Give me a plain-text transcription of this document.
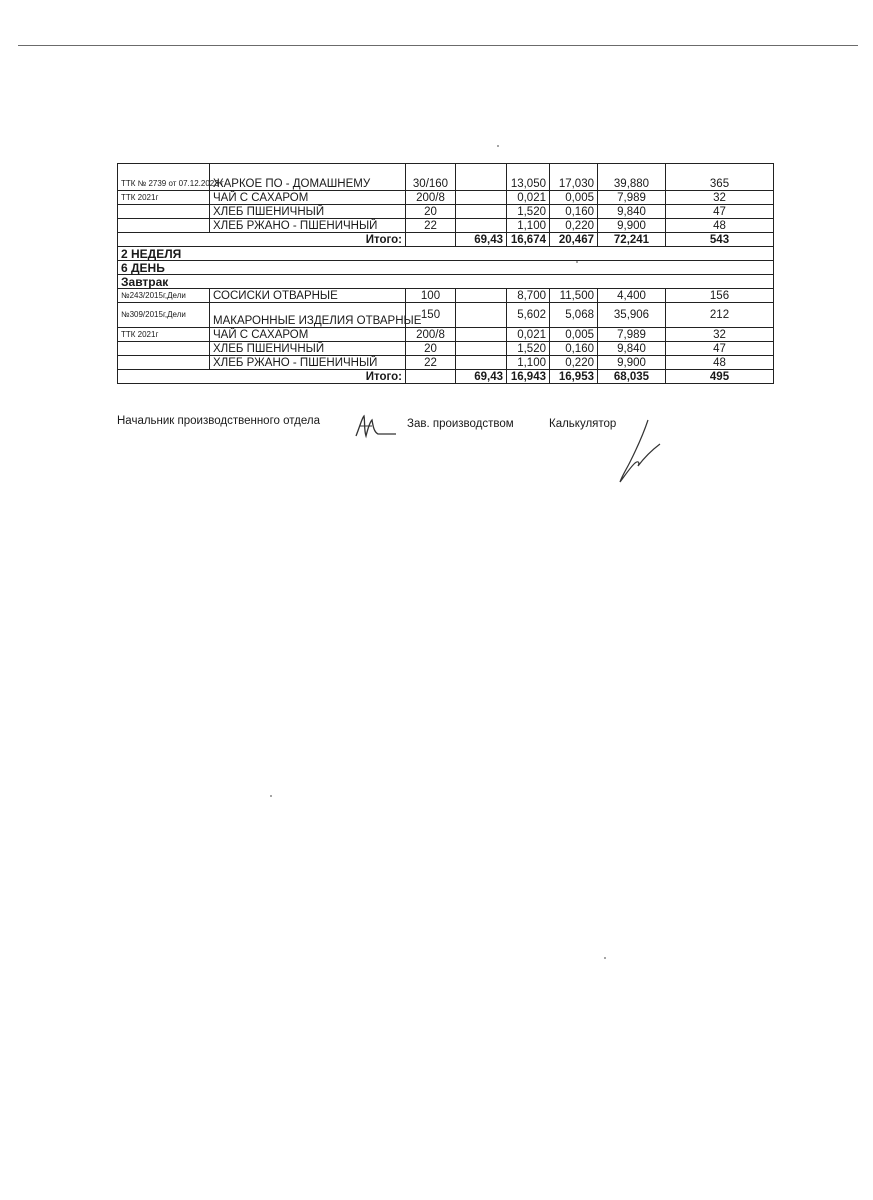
ТТК № 2739 от 07.12.2023 г	ЖАРКОЕ ПО - ДОМАШНЕМУ	30/160		13,050	17,030	39,880	365
ТТК 2021г	ЧАЙ С САХАРОМ	200/8		0,021	0,005	7,989	32
	ХЛЕБ ПШЕНИЧНЫЙ	20		1,520	0,160	9,840	47
	ХЛЕБ РЖАНО - ПШЕНИЧНЫЙ	22		1,100	0,220	9,900	48
Итого:			69,43	16,674	20,467	72,241	543
2 НЕДЕЛЯ							
6 ДЕНЬ							
Завтрак							
№243/2015г,Дели	СОСИСКИ ОТВАРНЫЕ	100		8,700	11,500	4,400	156
№309/2015г,Дели	МАКАРОННЫЕ ИЗДЕЛИЯ ОТВАРНЫЕ	150		5,602	5,068	35,906	212
ТТК 2021г	ЧАЙ С САХАРОМ	200/8		0,021	0,005	7,989	32
	ХЛЕБ ПШЕНИЧНЫЙ	20		1,520	0,160	9,840	47
	ХЛЕБ РЖАНО - ПШЕНИЧНЫЙ	22		1,100	0,220	9,900	48
Итого:			69,43	16,943	16,953	68,035	495
Начальник производственного отдела	Зав. производством	Калькулятор
